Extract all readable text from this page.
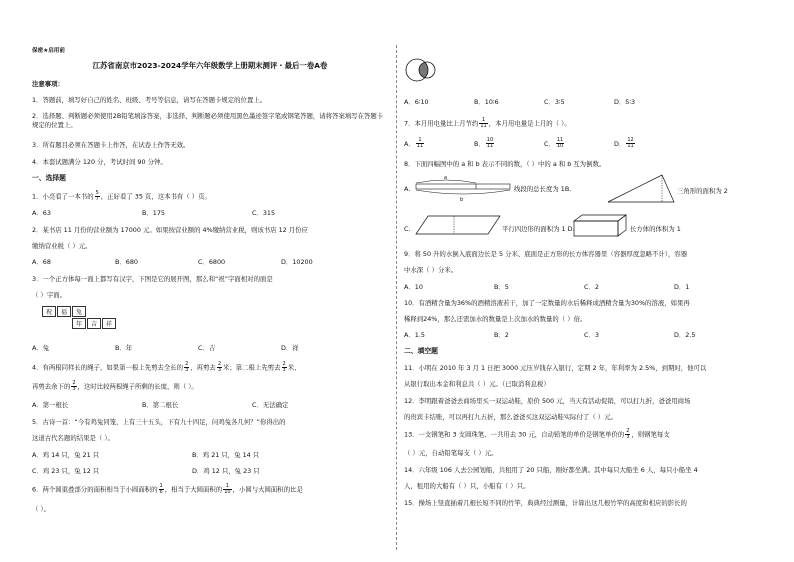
保密★启用前
江苏省南京市2023-2024学年六年级数学上册期末测评・最后一卷A卷
注意事项：
1．答题前，填写好自己的姓名、班级、考号等信息，请写在答题卡规定的位置上。
2．选择题、判断题必须使用2B铅笔填涂答案，非选择、判断题必须使用黑色墨迹签字笔或钢笔答题，请将答案填写在答题卡规定的位置上。
3．所有题目必须在答题卡上作答，在试卷上作答无效。
4．本套试题满分 120 分，考试时间 90 分钟。
一、选择题
1．小亮看了一本书的 $\frac{5}{7}$ ，正好看了 35 页，这本书有（ ）页。
A．63	B．175	C．315
2．某书店 11 月份的营业额为 17000 元。如果按营业额的 4%缴纳营业税，则该书店 12 月份应
缴纳营业税（ ）元。
A．68	B．680	C．6800	D．10200
3．一个正方体每一面上都写有汉字，下图是它的展开图，那么和“祝”字面相对的面是
（ ）字面。
祝	福	兔
年	吉	祥
A．兔	B．年	C．吉	D．祥
4．有两根同样长的绳子，如果第一根上先剪去全长的 $\frac{2}{3}$ ，再剪去 $\frac{2}{3}$ 米；第二根上先剪去 $\frac{2}{3}$ 米，
再剪去余下的 $\frac{2}{3}$ ，这时比较两根绳子所剩的长度，则（ ）。
A．第一根长	B．第二根长	C．无法确定
5．古诗一首：“今有鸡兔同笼，上有三十五头，下有九十四足，问鸡兔各几何？”你得出的
这道古代名题的结果是（ ）。
A．鸡 14 只，兔 21 只	B．鸡 21 只，兔 14 只
C．鸡 23 只，兔 12 只	D．鸡 12 只，兔 23 只
6．两个圆重叠部分的面积相当于小圆面积的 $\frac{1}{6}$ ，相当于大圆面积的 $\frac{1}{10}$ ，小圆与大圆面积的比是
（ ）。
A．6∶10	B．10∶6	C．3∶5	D．5∶3
7．本月用电量比上月节约 $\frac{1}{11}$ ，本月用电量是上月的（ ）。
A． $\frac{1}{11}$	B． $\frac{10}{11}$	C． $\frac{11}{10}$	D． $\frac{12}{11}$
8．下面四幅图中的 a 和 b 表示不同的数，（ ）中的 a 和 b 互为倒数。
A.
a
b
线段的总长度为 1B.	三角形的面积为 2
C.	平行四边形的面积为 1 D.	长方体的体积为 1
9．将 50 升的水倒入底面边长是 5 分米、底面是正方形的长方体容器里（容器厚度忽略不计），容器
中水深（ ）分米。
A．10	B．5	C．2	D．1
10．有酒精含量为36%的酒精溶液若干，加了一定数量的水后稀释成酒精含量为30%的溶液，如果再
稀释到24%，那么还需加水的数量是上次加水的数量的（ ）倍。
A．1.5	B．2	C．3	D．2.5
二、填空题
11．小明在 2010 年 3 月 1 日把 3000 元压岁钱存入银行，定期 2 年，年利率为 2.5%，到期时，他可以
从银行取出本金和利息共（ ）元。（已取消利息税）
12．李明跟着爸爸去商场里买一双运动鞋，原价 500 元，当天有活动促销，可以打九折，爸爸用商场
的贵宾卡结账，可以再打九五折，那么爸爸买这双运动鞋实际付了（ ）元。
13．一支钢笔和 3 支圆珠笔，一共用去 30 元，自动铅笔的单价是钢笔单价的 $\frac{2}{3}$ ，则钢笔每支
（ ）元，自动铅笔每支（ ）元。
14．六年级 106 人去公园划船，共租用了 20 只船，刚好都坐满。其中每只大船坐 6 人，每只小船坐 4
人，租用的大船有（ ）只，小船有（ ）只。
15．操场上竖直插着几根长短不同的竹竿，典典经过测量，计算出这几根竹竿的高度和相应的影长的
